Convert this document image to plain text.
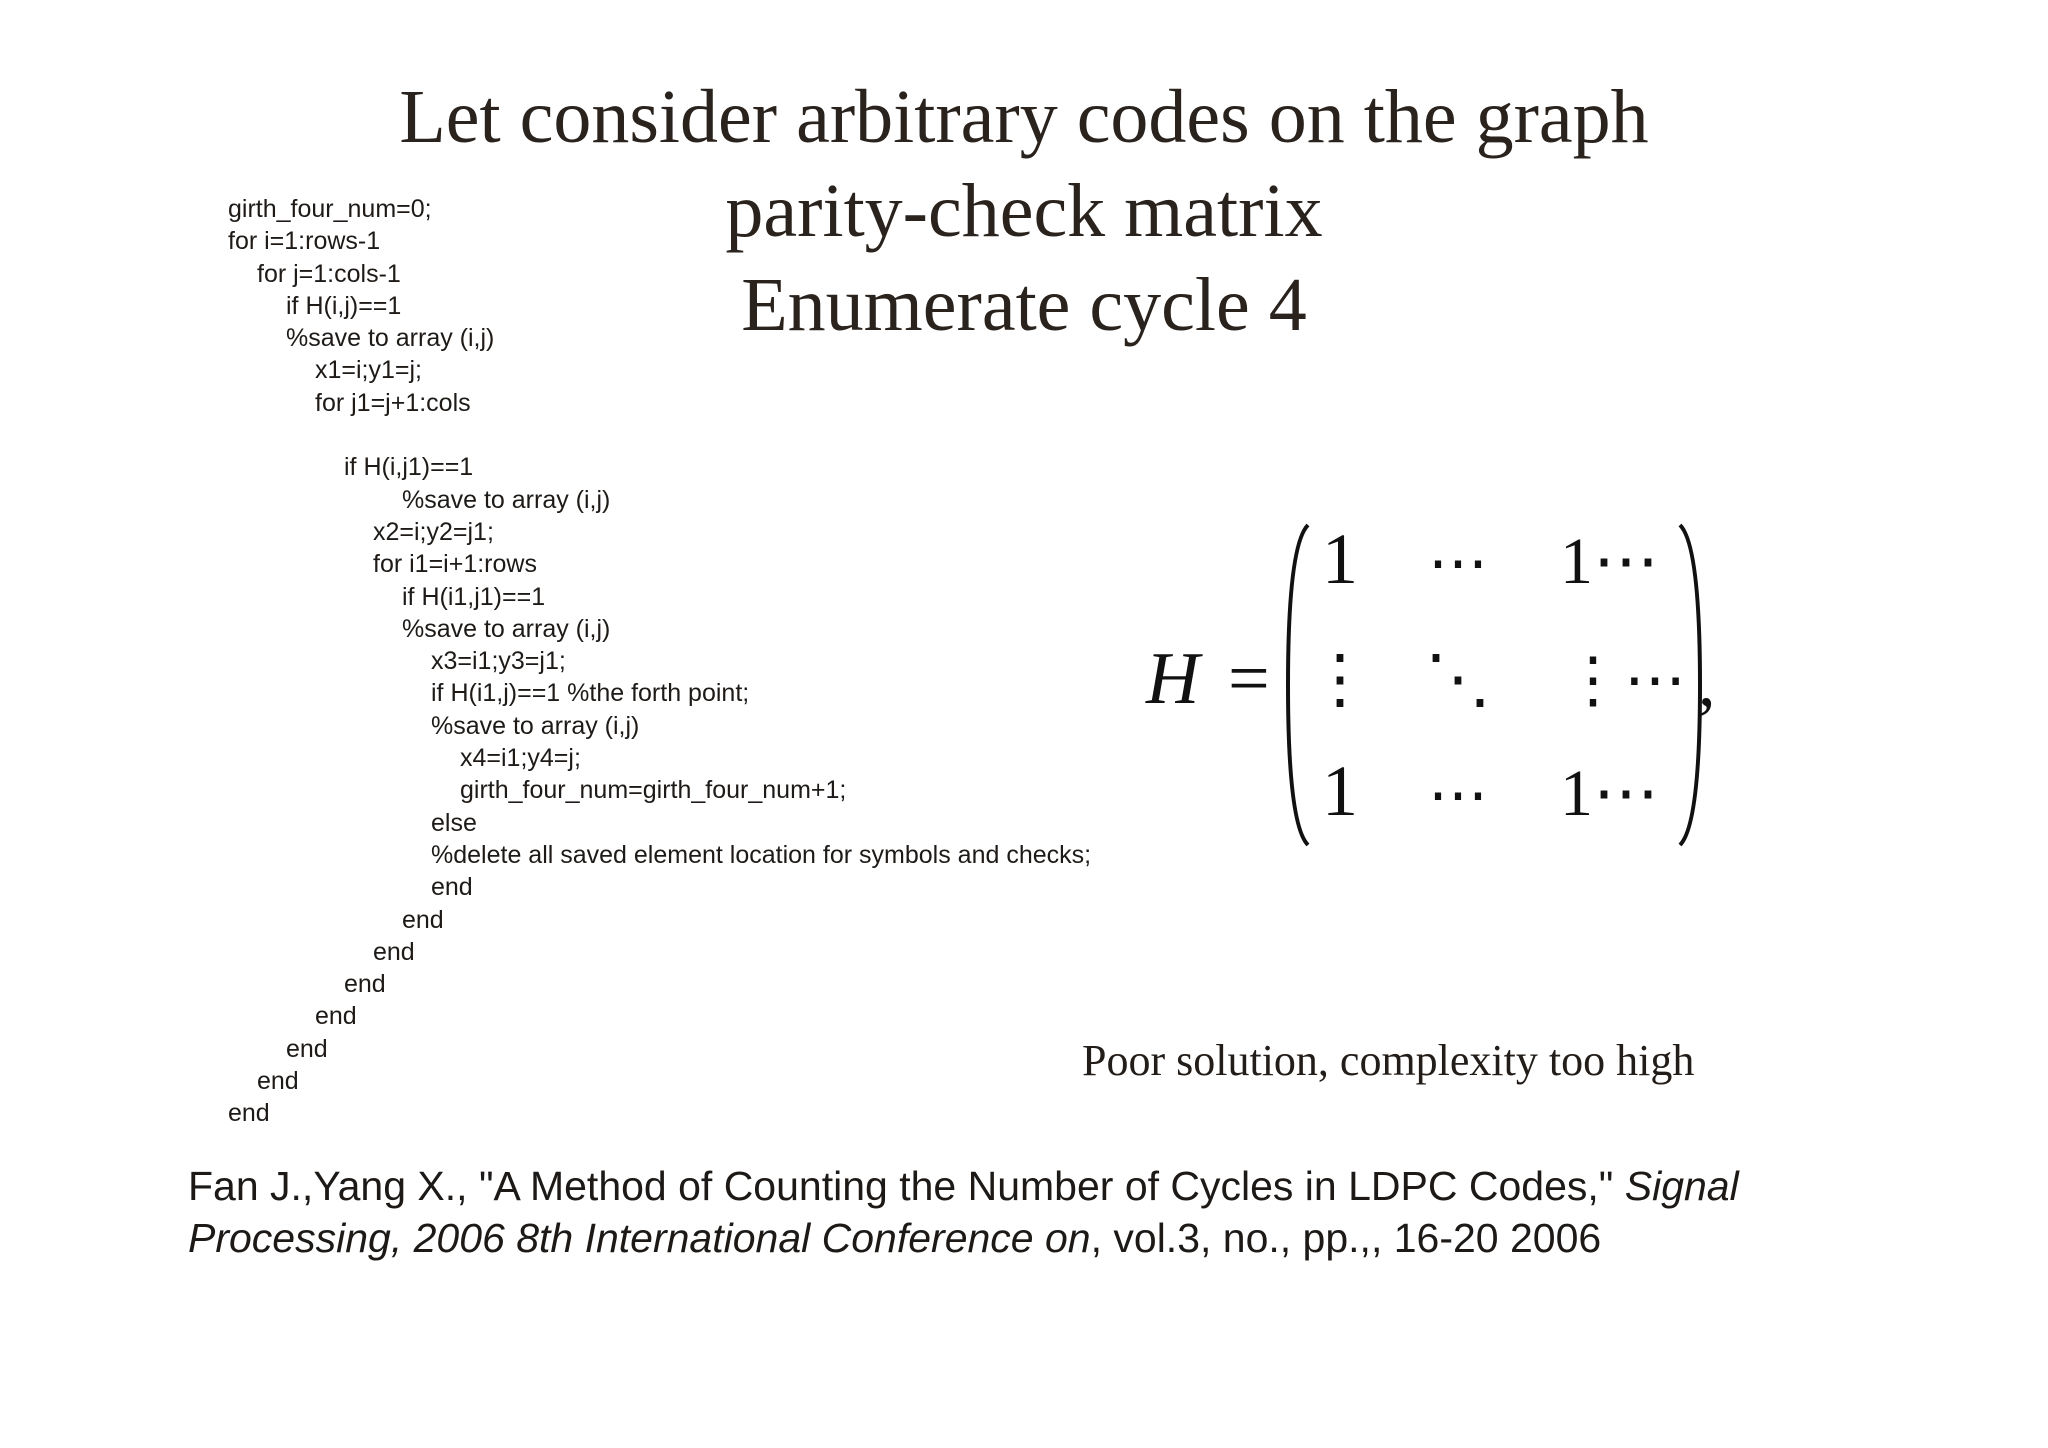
Let consider arbitrary codes on the graph
parity-check matrix
Enumerate cycle 4
girth_four_num=0;
for i=1:rows-1
for j=1:cols-1
if H(i,j)==1
%save to array (i,j)
x1=i;y1=j;
for j1=j+1:cols
if H(i,j1)==1
%save to array (i,j)
x2=i;y2=j1;
for i1=i+1:rows
if H(i1,j1)==1
%save to array (i,j)
x3=i1;y3=j1;
if H(i1,j)==1 %the forth point;
%save to array (i,j)
x4=i1;y4=j;
girth_four_num=girth_four_num+1;
else
%delete all saved element location for symbols and checks;
end
end
end
end
end
end
end
end
H =
1 ⋯ 1⋯
⋮ ⋱ ⋮⋯
1 ⋯ 1⋯
,
Poor solution, complexity too high
Fan J.,Yang X., "A Method of Counting the Number of Cycles in LDPC Codes," Signal Processing, 2006 8th International Conference on, vol.3, no., pp.,, 16-20 2006
